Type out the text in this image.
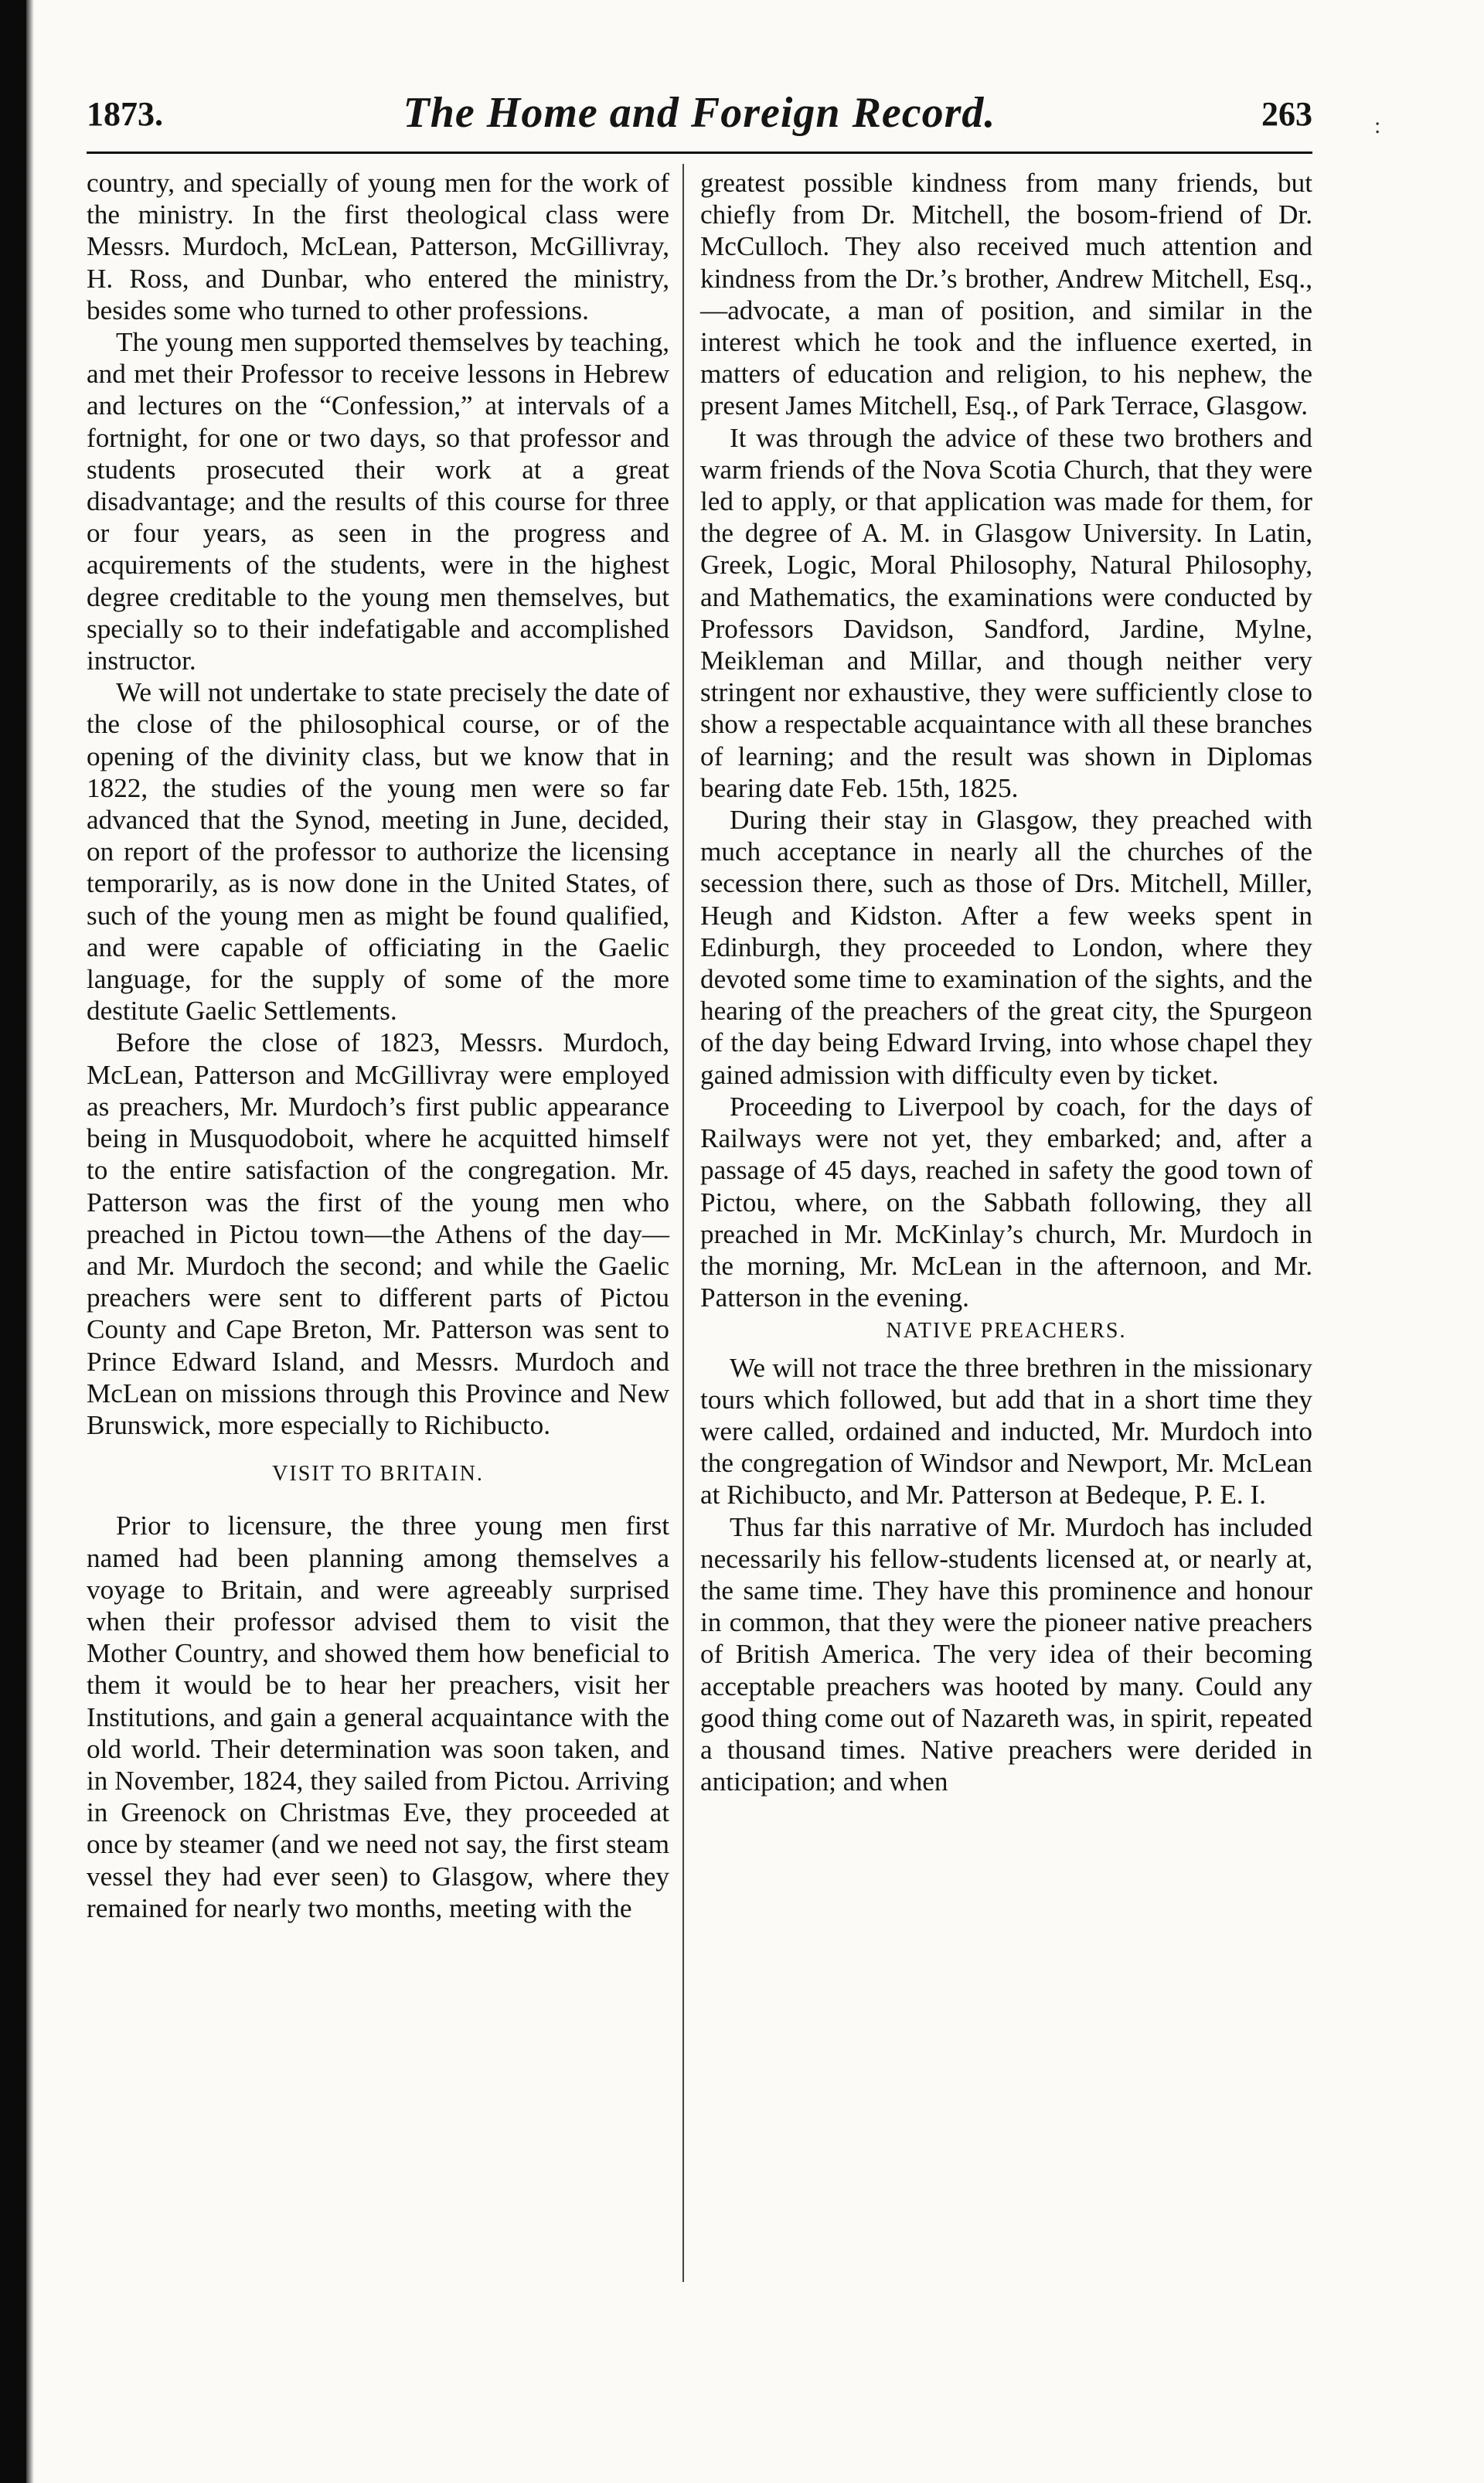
1873.	The Home and Foreign Record.	263	:

country, and specially of young men for the work of the ministry. In the first theological class were Messrs. Murdoch, McLean, Patterson, McGillivray, H. Ross, and Dunbar, who entered the ministry, besides some who turned to other professions.

The young men supported themselves by teaching, and met their Professor to receive lessons in Hebrew and lectures on the “Confession,” at intervals of a fortnight, for one or two days, so that professor and students prosecuted their work at a great disadvantage; and the results of this course for three or four years, as seen in the progress and acquirements of the students, were in the highest degree creditable to the young men themselves, but specially so to their indefatigable and accomplished instructor.

We will not undertake to state precisely the date of the close of the philosophical course, or of the opening of the divinity class, but we know that in 1822, the studies of the young men were so far advanced that the Synod, meeting in June, decided, on report of the professor to authorize the licensing temporarily, as is now done in the United States, of such of the young men as might be found qualified, and were capable of officiating in the Gaelic language, for the supply of some of the more destitute Gaelic Settlements.

Before the close of 1823, Messrs. Murdoch, McLean, Patterson and McGillivray were employed as preachers, Mr. Murdoch’s first public appearance being in Musquodoboit, where he acquitted himself to the entire satisfaction of the congregation. Mr. Patterson was the first of the young men who preached in Pictou town—the Athens of the day—and Mr. Murdoch the second; and while the Gaelic preachers were sent to different parts of Pictou County and Cape Breton, Mr. Patterson was sent to Prince Edward Island, and Messrs. Murdoch and McLean on missions through this Province and New Brunswick, more especially to Richibucto.

VISIT TO BRITAIN.

Prior to licensure, the three young men first named had been planning among themselves a voyage to Britain, and were agreeably surprised when their professor advised them to visit the Mother Country, and showed them how beneficial to them it would be to hear her preachers, visit her Institutions, and gain a general acquaintance with the old world. Their determination was soon taken, and in November, 1824, they sailed from Pictou. Arriving in Greenock on Christmas Eve, they proceeded at once by steamer (and we need not say, the first steam vessel they had ever seen) to Glasgow, where they remained for nearly two months, meeting with the

greatest possible kindness from many friends, but chiefly from Dr. Mitchell, the bosom-friend of Dr. McCulloch. They also received much attention and kindness from the Dr.’s brother, Andrew Mitchell, Esq.,—advocate, a man of position, and similar in the interest which he took and the influence exerted, in matters of education and religion, to his nephew, the present James Mitchell, Esq., of Park Terrace, Glasgow.

It was through the advice of these two brothers and warm friends of the Nova Scotia Church, that they were led to apply, or that application was made for them, for the degree of A. M. in Glasgow University. In Latin, Greek, Logic, Moral Philosophy, Natural Philosophy, and Mathematics, the examinations were conducted by Professors Davidson, Sandford, Jardine, Mylne, Meikleman and Millar, and though neither very stringent nor exhaustive, they were sufficiently close to show a respectable acquaintance with all these branches of learning; and the result was shown in Diplomas bearing date Feb. 15th, 1825.

During their stay in Glasgow, they preached with much acceptance in nearly all the churches of the secession there, such as those of Drs. Mitchell, Miller, Heugh and Kidston. After a few weeks spent in Edinburgh, they proceeded to London, where they devoted some time to examination of the sights, and the hearing of the preachers of the great city, the Spurgeon of the day being Edward Irving, into whose chapel they gained admission with difficulty even by ticket.

Proceeding to Liverpool by coach, for the days of Railways were not yet, they embarked; and, after a passage of 45 days, reached in safety the good town of Pictou, where, on the Sabbath following, they all preached in Mr. McKinlay’s church, Mr. Murdoch in the morning, Mr. McLean in the afternoon, and Mr. Patterson in the evening.

NATIVE PREACHERS.

We will not trace the three brethren in the missionary tours which followed, but add that in a short time they were called, ordained and inducted, Mr. Murdoch into the congregation of Windsor and Newport, Mr. McLean at Richibucto, and Mr. Patterson at Bedeque, P. E. I.

Thus far this narrative of Mr. Murdoch has included necessarily his fellow-students licensed at, or nearly at, the same time. They have this prominence and honour in common, that they were the pioneer native preachers of British America. The very idea of their becoming acceptable preachers was hooted by many. Could any good thing come out of Nazareth was, in spirit, repeated a thousand times. Native preachers were derided in anticipation; and when
